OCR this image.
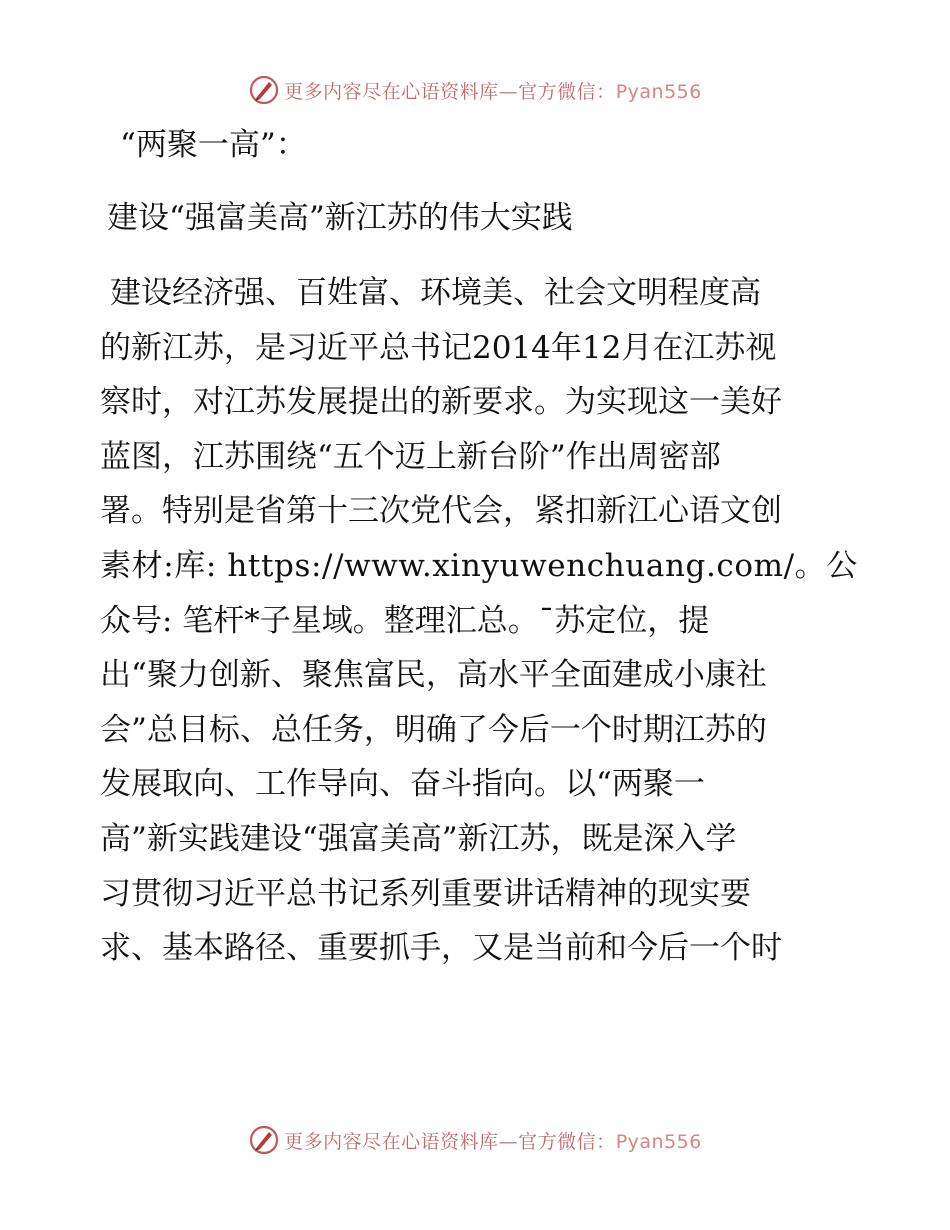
更多内容尽在心语资料库—官方微信：Pyan556
“两聚一高”：
建设“强富美高”新江苏的伟大实践
建设经济强、百姓富、环境美、社会文明程度高
的新江苏，是习近平总书记2014年12月在江苏视
察时，对江苏发展提出的新要求。为实现这一美好
蓝图，江苏围绕“五个迈上新台阶”作出周密部
署。特别是省第十三次党代会，紧扣新江心语文创
素材:库: https://www.xinyuwenchuang.com/。公
众号: 笔杆*子星域。整理汇总。¯苏定位，提
出“聚力创新、聚焦富民，高水平全面建成小康社
会”总目标、总任务，明确了今后一个时期江苏的
发展取向、工作导向、奋斗指向。以“两聚一
高”新实践建设“强富美高”新江苏，既是深入学
习贯彻习近平总书记系列重要讲话精神的现实要
求、基本路径、重要抓手，又是当前和今后一个时
更多内容尽在心语资料库—官方微信：Pyan556
